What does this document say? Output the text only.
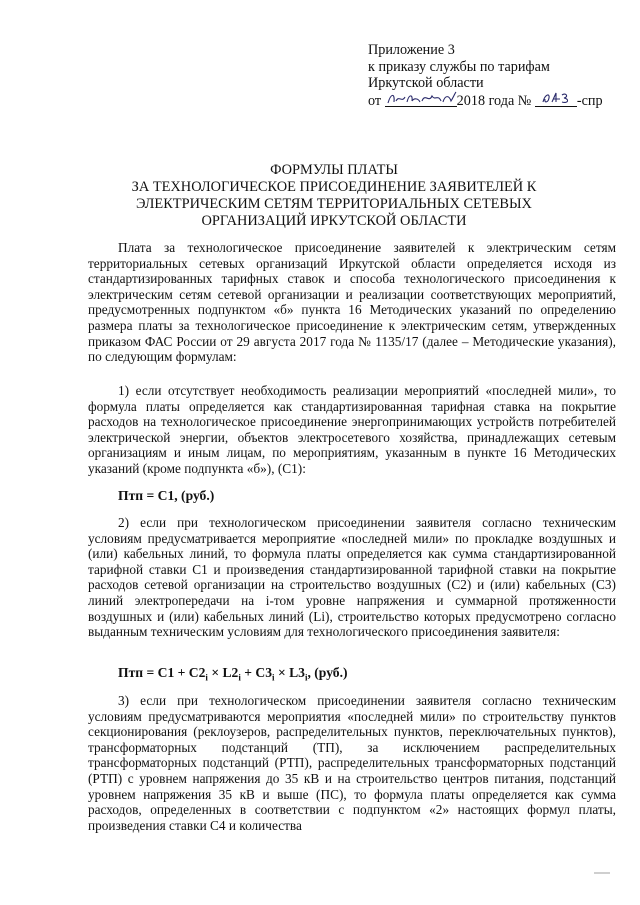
Приложение 3
к приказу службы по тарифам
Иркутской области
от	2018 года №	-спр
ФОРМУЛЫ ПЛАТЫ
ЗА ТЕХНОЛОГИЧЕСКОЕ ПРИСОЕДИНЕНИЕ ЗАЯВИТЕЛЕЙ К
ЭЛЕКТРИЧЕСКИМ СЕТЯМ ТЕРРИТОРИАЛЬНЫХ СЕТЕВЫХ
ОРГАНИЗАЦИЙ ИРКУТСКОЙ ОБЛАСТИ

Плата за технологическое присоединение заявителей к электрическим сетям территориальных сетевых организаций Иркутской области определяется исходя из стандартизированных тарифных ставок и способа технологического присоединения к электрическим сетям сетевой организации и реализации соответствующих мероприятий, предусмотренных подпунктом «б» пункта 16 Методических указаний по определению размера платы за технологическое присоединение к электрическим сетям, утвержденных приказом ФАС России от 29 августа 2017 года № 1135/17 (далее – Методические указания), по следующим формулам:

1) если отсутствует необходимость реализации мероприятий «последней мили», то формула платы определяется как стандартизированная тарифная ставка на покрытие расходов на технологическое присоединение энергопринимающих устройств потребителей электрической энергии, объектов электросетевого хозяйства, принадлежащих сетевым организациям и иным лицам, по мероприятиям, указанным в пункте 16 Методических указаний (кроме подпункта «б»), (С1):

Птп = С1, (руб.)

2) если при технологическом присоединении заявителя согласно техническим условиям предусматривается мероприятие «последней мили» по прокладке воздушных и (или) кабельных линий, то формула платы определяется как сумма стандартизированной тарифной ставки С1 и произведения стандартизированной тарифной ставки на покрытие расходов сетевой организации на строительство воздушных (С2) и (или) кабельных (С3) линий электропередачи на i-том уровне напряжения и суммарной протяженности воздушных и (или) кабельных линий (Li), строительство которых предусмотрено согласно выданным техническим условиям для технологического присоединения заявителя:

Птп = $С1 + С2_i \times L2_i + С3_i \times L3_i$, (руб.)

3) если при технологическом присоединении заявителя согласно техническим условиям предусматриваются мероприятия «последней мили» по строительству пунктов секционирования (реклоузеров, распределительных пунктов, переключательных пунктов), трансформаторных подстанций (ТП), за исключением распределительных трансформаторных подстанций (РТП), распределительных трансформаторных подстанций (РТП) с уровнем напряжения до 35 кВ и на строительство центров питания, подстанций уровнем напряжения 35 кВ и выше (ПС), то формула платы определяется как сумма расходов, определенных в соответствии с подпунктом «2» настоящих формул платы, произведения ставки С4 и количества
